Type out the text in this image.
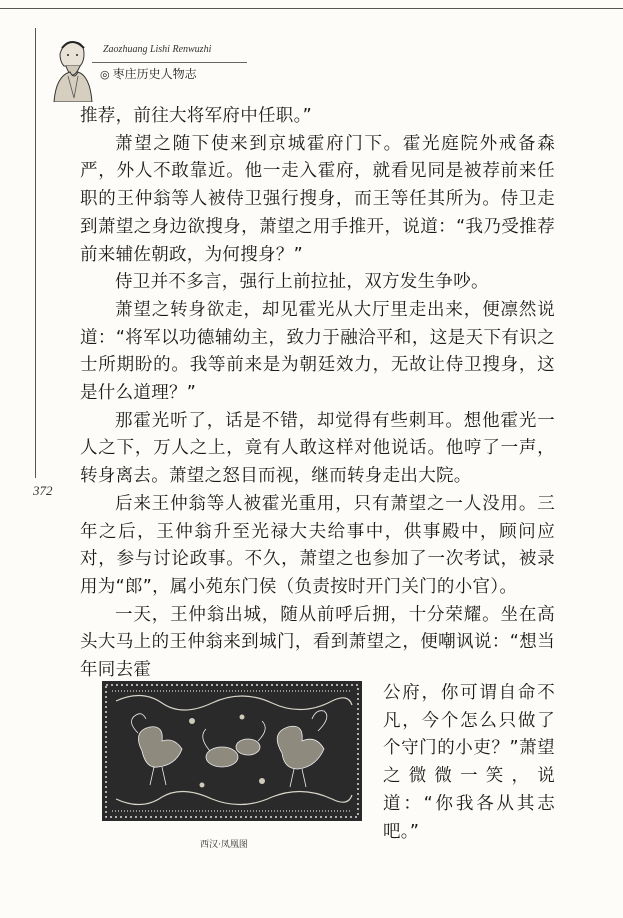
Zaozhuang Lishi Renwuzhi
◎ 枣庄历史人物志
372

推荐，前往大将军府中任职。”

萧望之随下使来到京城霍府门下。霍光庭院外戒备森严，外人不敢靠近。他一走入霍府，就看见同是被荐前来任职的王仲翁等人被侍卫强行搜身，而王等任其所为。侍卫走到萧望之身边欲搜身，萧望之用手推开，说道：“我乃受推荐前来辅佐朝政，为何搜身？”

侍卫并不多言，强行上前拉扯，双方发生争吵。

萧望之转身欲走，却见霍光从大厅里走出来，便凛然说道：“将军以功德辅幼主，致力于融洽平和，这是天下有识之士所期盼的。我等前来是为朝廷效力，无故让侍卫搜身，这是什么道理？”

那霍光听了，话是不错，却觉得有些刺耳。想他霍光一人之下，万人之上，竟有人敢这样对他说话。他哼了一声，转身离去。萧望之怒目而视，继而转身走出大院。

后来王仲翁等人被霍光重用，只有萧望之一人没用。三年之后，王仲翁升至光禄大夫给事中，供事殿中，顾问应对，参与讨论政事。不久，萧望之也参加了一次考试，被录用为“郎”，属小苑东门侯（负责按时开门关门的小官）。

一天，王仲翁出城，随从前呼后拥，十分荣耀。坐在高头大马上的王仲翁来到城门，看到萧望之，便嘲讽说：“想当年同去霍

西汉·凤凰图
公府，你可谓自命不凡，今个怎么只做了个守门的小吏？”萧望之微微一笑，说道：“你我各从其志吧。”
